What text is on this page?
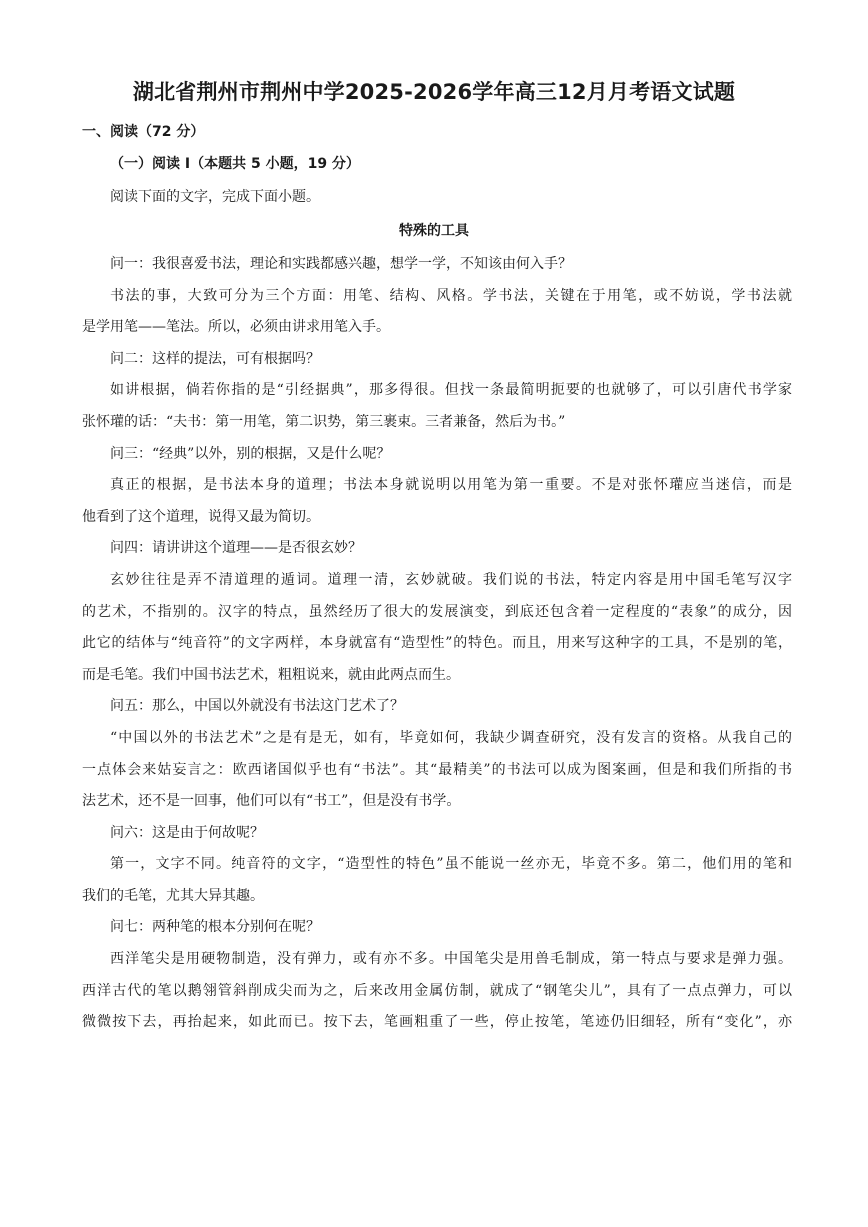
湖北省荆州市荆州中学2025-2026学年高三12月月考语文试题
一、阅读（72 分）
（一）阅读 I（本题共 5 小题，19 分）
阅读下面的文字，完成下面小题。
特殊的工具
问一：我很喜爱书法，理论和实践都感兴趣，想学一学，不知该由何入手？
书法的事，大致可分为三个方面：用笔、结构、风格。学书法，关键在于用笔，或不妨说，学书法就
是学用笔——笔法。所以，必须由讲求用笔入手。
问二：这样的提法，可有根据吗？
如讲根据，倘若你指的是“引经据典”，那多得很。但找一条最简明扼要的也就够了，可以引唐代书学家
张怀瓘的话：“夫书：第一用笔，第二识势，第三裹束。三者兼备，然后为书。”
问三：“经典”以外，别的根据，又是什么呢？
真正的根据，是书法本身的道理；书法本身就说明以用笔为第一重要。不是对张怀瓘应当迷信，而是
他看到了这个道理，说得又最为简切。
问四：请讲讲这个道理——是否很玄妙？
玄妙往往是弄不清道理的遁词。道理一清，玄妙就破。我们说的书法，特定内容是用中国毛笔写汉字
的艺术，不指别的。汉字的特点，虽然经历了很大的发展演变，到底还包含着一定程度的“表象”的成分，因
此它的结体与“纯音符”的文字两样，本身就富有“造型性”的特色。而且，用来写这种字的工具，不是别的笔，
而是毛笔。我们中国书法艺术，粗粗说来，就由此两点而生。
问五：那么，中国以外就没有书法这门艺术了？
“中国以外的书法艺术”之是有是无，如有，毕竟如何，我缺少调查研究，没有发言的资格。从我自己的
一点体会来姑妄言之：欧西诸国似乎也有“书法”。其“最精美”的书法可以成为图案画，但是和我们所指的书
法艺术，还不是一回事，他们可以有“书工”，但是没有书学。
问六：这是由于何故呢？
第一，文字不同。纯音符的文字，“造型性的特色”虽不能说一丝亦无，毕竟不多。第二，他们用的笔和
我们的毛笔，尤其大异其趣。
问七：两种笔的根本分别何在呢？
西洋笔尖是用硬物制造，没有弹力，或有亦不多。中国笔尖是用兽毛制成，第一特点与要求是弹力强。
西洋古代的笔以鹅翎管斜削成尖而为之，后来改用金属仿制，就成了“钢笔尖儿”，具有了一点点弹力，可以
微微按下去，再抬起来，如此而已。按下去，笔画粗重了一些，停止按笔，笔迹仍旧细轻，所有“变化”，亦
